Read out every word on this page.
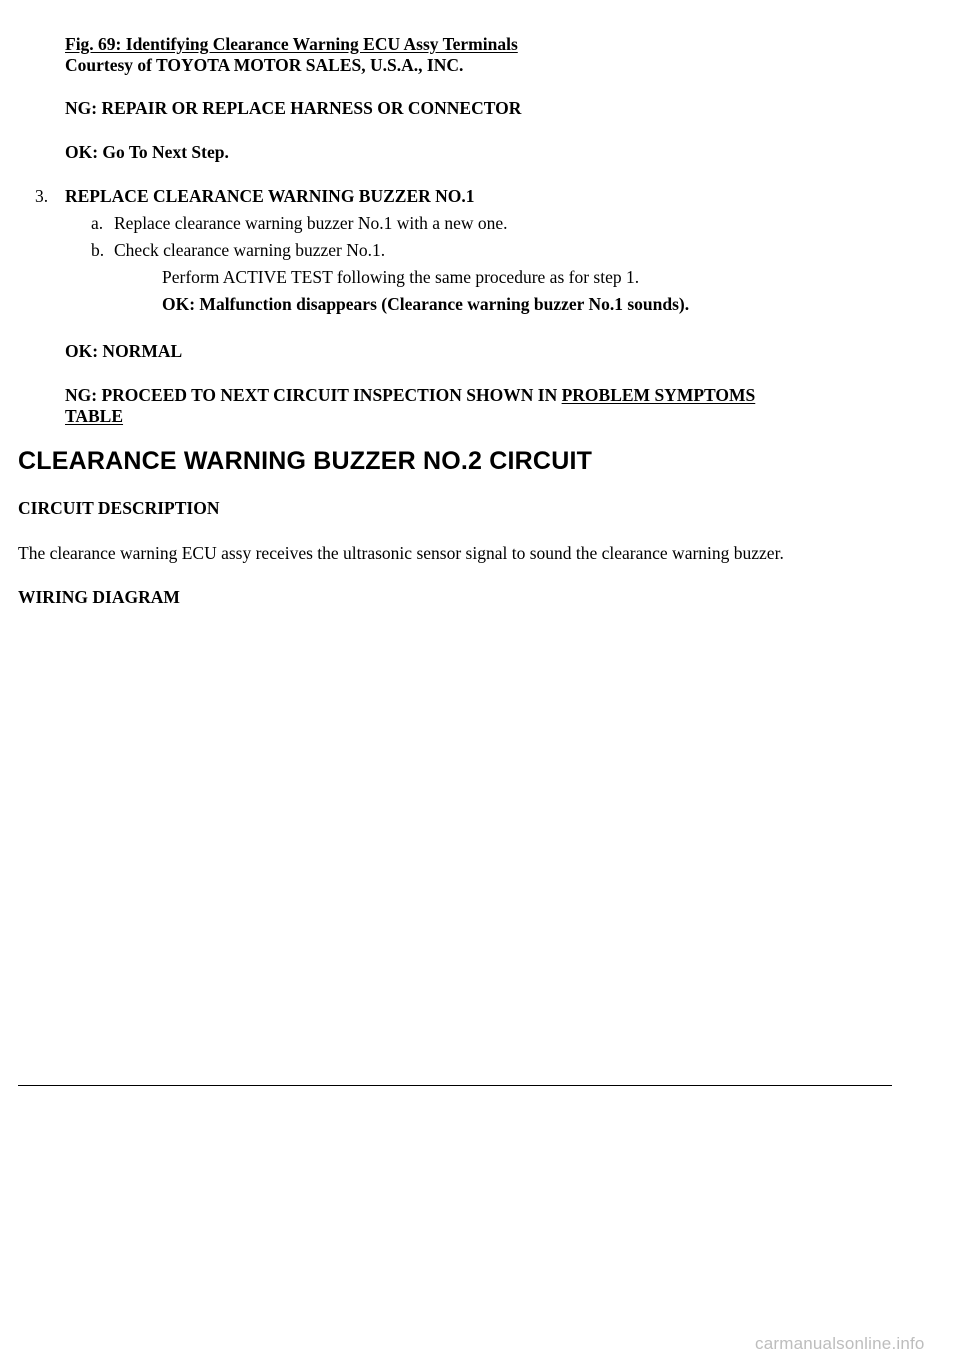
Fig. 69: Identifying Clearance Warning ECU Assy Terminals
Courtesy of TOYOTA MOTOR SALES, U.S.A., INC.
NG: REPAIR OR REPLACE HARNESS OR CONNECTOR
OK: Go To Next Step.
3. REPLACE CLEARANCE WARNING BUZZER NO.1
a. Replace clearance warning buzzer No.1 with a new one.
b. Check clearance warning buzzer No.1.
Perform ACTIVE TEST following the same procedure as for step 1.
OK: Malfunction disappears (Clearance warning buzzer No.1 sounds).
OK: NORMAL
NG: PROCEED TO NEXT CIRCUIT INSPECTION SHOWN IN PROBLEM SYMPTOMS
TABLE
CLEARANCE WARNING BUZZER NO.2 CIRCUIT
CIRCUIT DESCRIPTION
The clearance warning ECU assy receives the ultrasonic sensor signal to sound the clearance warning buzzer.
WIRING DIAGRAM
carmanualsonline.info
